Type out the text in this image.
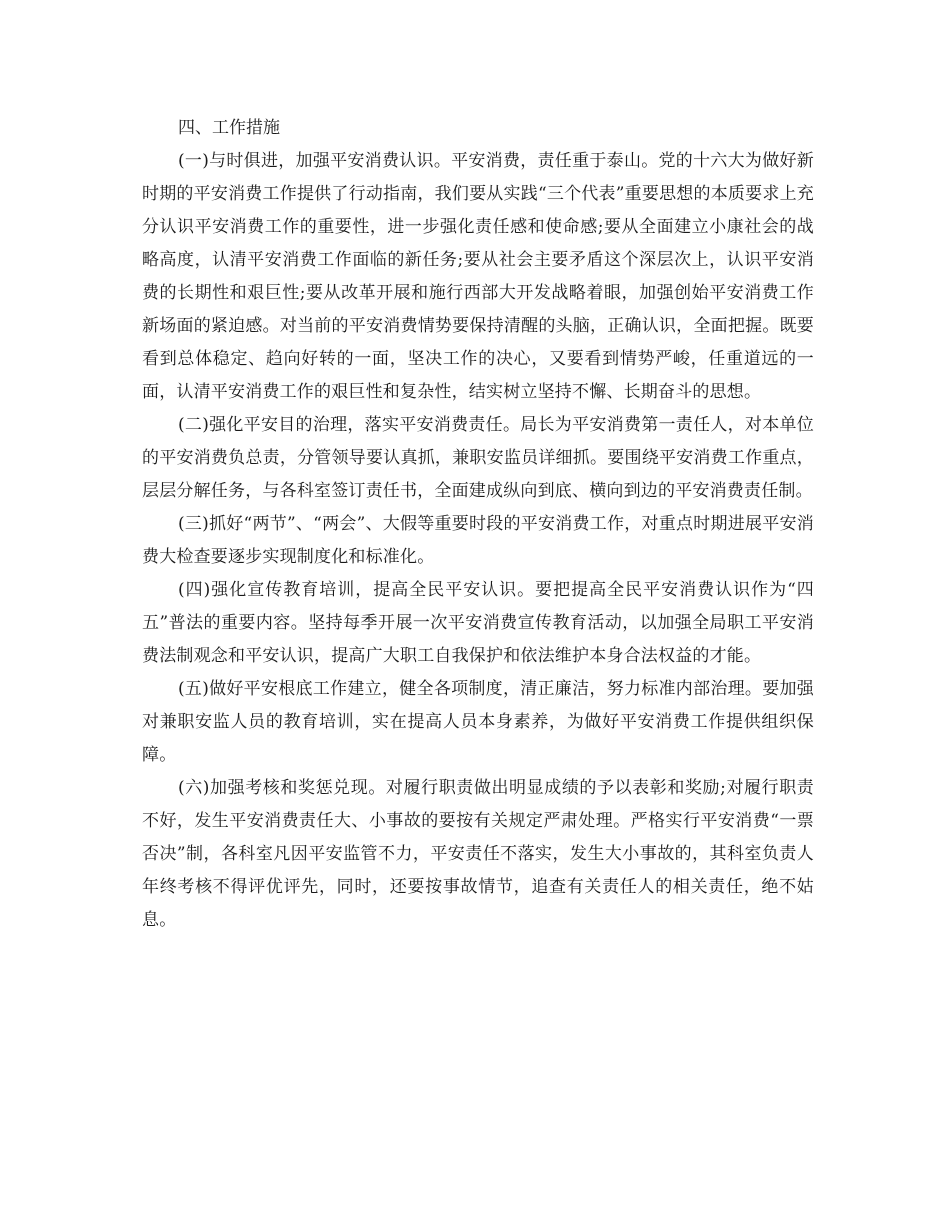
四、工作措施

(一)与时俱进，加强平安消费认识。平安消费，责任重于泰山。党的十六大为做好新时期的平安消费工作提供了行动指南，我们要从实践“三个代表”重要思想的本质要求上充分认识平安消费工作的重要性，进一步强化责任感和使命感;要从全面建立小康社会的战略高度，认清平安消费工作面临的新任务;要从社会主要矛盾这个深层次上，认识平安消费的长期性和艰巨性;要从改革开展和施行西部大开发战略着眼，加强创始平安消费工作新场面的紧迫感。对当前的平安消费情势要保持清醒的头脑，正确认识，全面把握。既要看到总体稳定、趋向好转的一面，坚决工作的决心，又要看到情势严峻，任重道远的一面，认清平安消费工作的艰巨性和复杂性，结实树立坚持不懈、长期奋斗的思想。

(二)强化平安目的治理，落实平安消费责任。局长为平安消费第一责任人，对本单位的平安消费负总责，分管领导要认真抓，兼职安监员详细抓。要围绕平安消费工作重点，层层分解任务，与各科室签订责任书，全面建成纵向到底、横向到边的平安消费责任制。

(三)抓好“两节”、“两会”、大假等重要时段的平安消费工作，对重点时期进展平安消费大检查要逐步实现制度化和标准化。

(四)强化宣传教育培训，提高全民平安认识。要把提高全民平安消费认识作为“四五”普法的重要内容。坚持每季开展一次平安消费宣传教育活动，以加强全局职工平安消费法制观念和平安认识，提高广大职工自我保护和依法维护本身合法权益的才能。

(五)做好平安根底工作建立，健全各项制度，清正廉洁，努力标准内部治理。要加强对兼职安监人员的教育培训，实在提高人员本身素养，为做好平安消费工作提供组织保障。

(六)加强考核和奖惩兑现。对履行职责做出明显成绩的予以表彰和奖励;对履行职责不好，发生平安消费责任大、小事故的要按有关规定严肃处理。严格实行平安消费“一票否决”制，各科室凡因平安监管不力，平安责任不落实，发生大小事故的，其科室负责人年终考核不得评优评先，同时，还要按事故情节，追查有关责任人的相关责任，绝不姑息。
